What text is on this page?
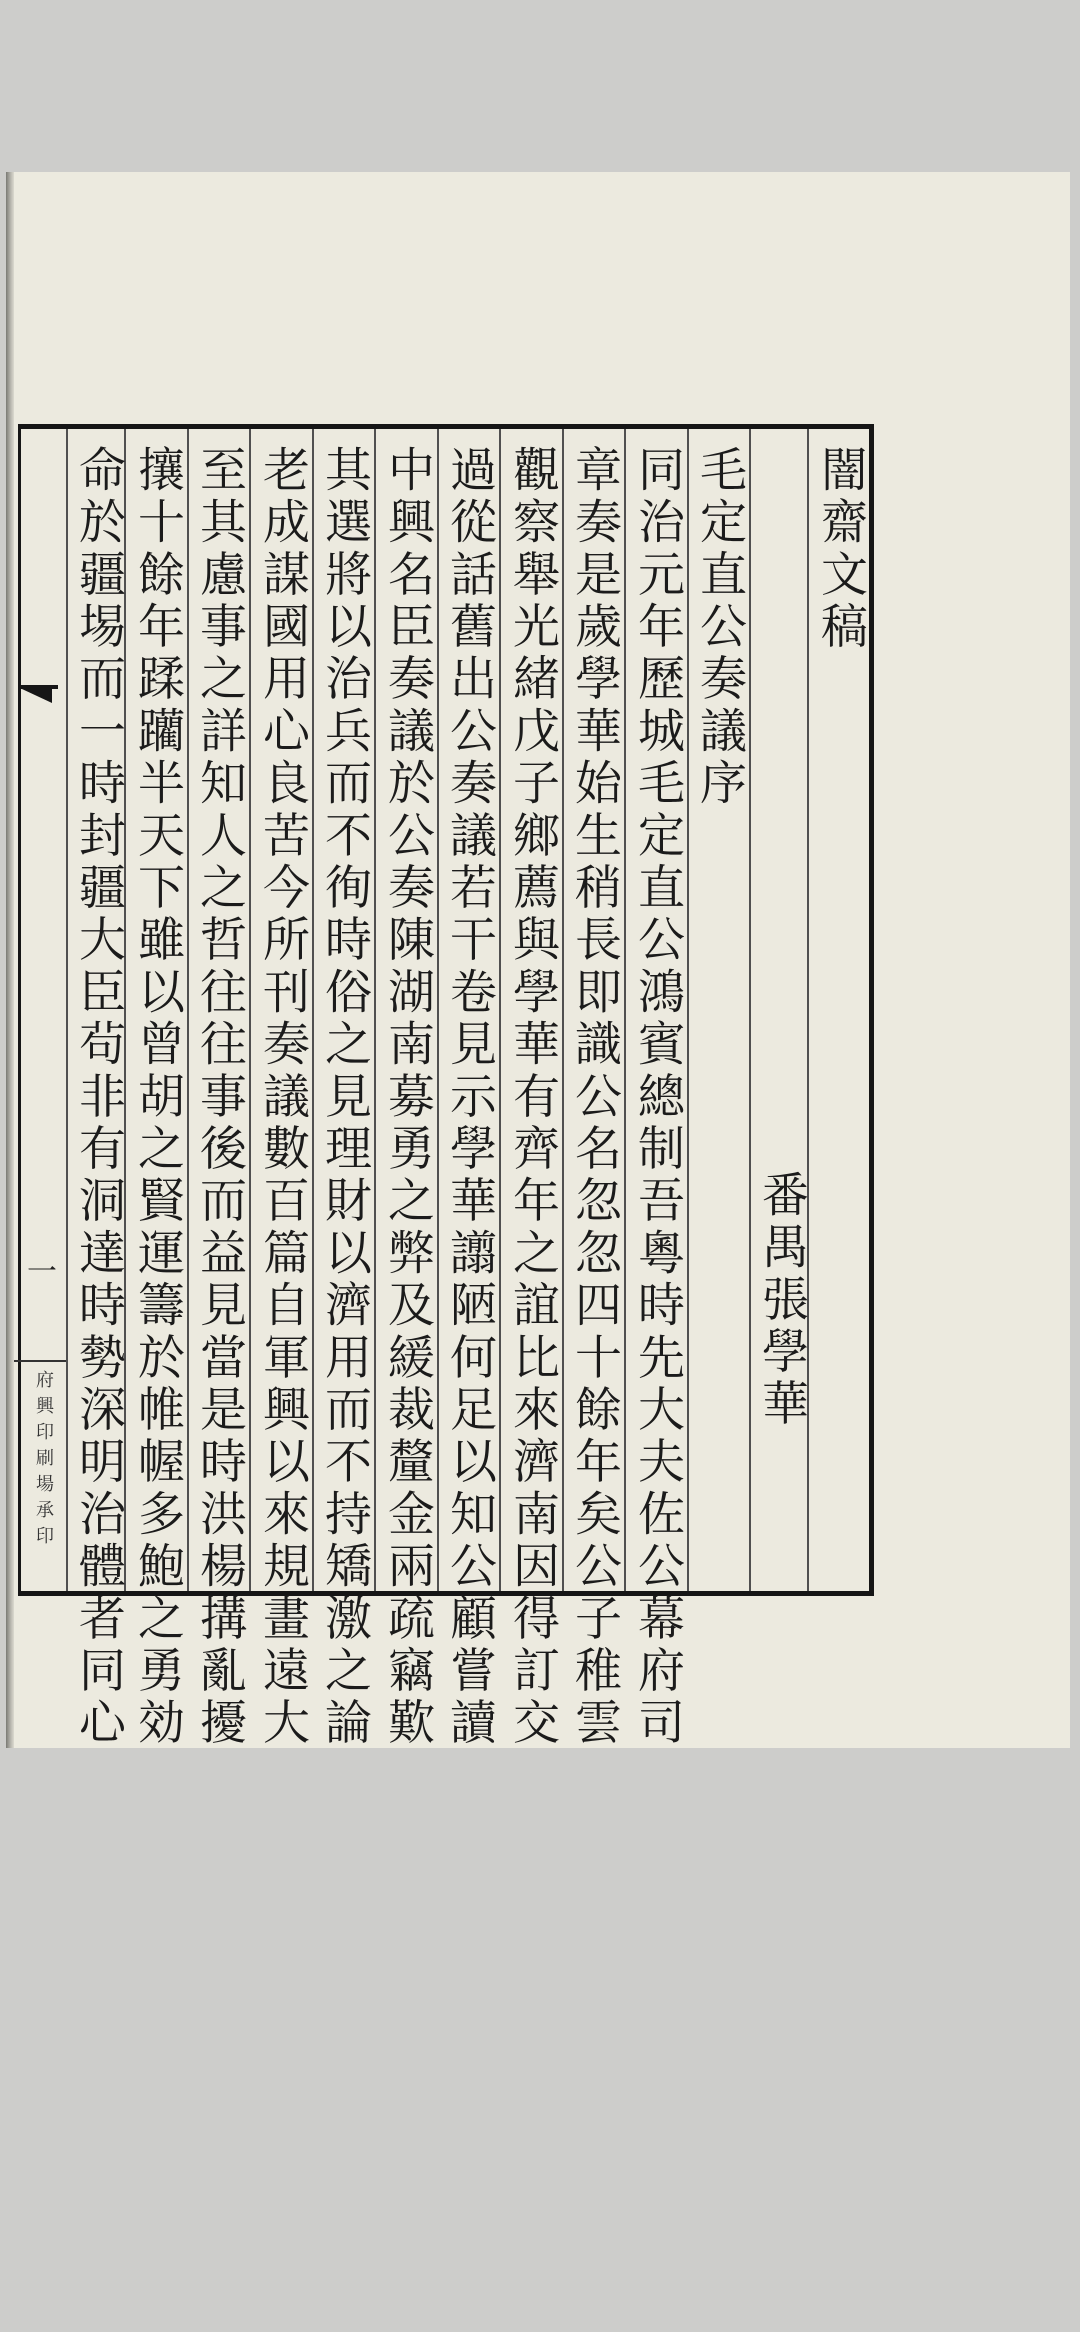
闇齋文稿
番禺張學華
毛定直公奏議序
同治元年歷城毛定直公鴻賓總制吾粵時先大夫佐公幕府司
章奏是歲學華始生稍長即識公名忽忽四十餘年矣公子稚雲
觀察舉光緒戊子鄉薦與學華有齊年之誼比來濟南因得訂交
過從話舊出公奏議若干卷見示學華譾陋何足以知公顧嘗讀
中興名臣奏議於公奏陳湖南募勇之弊及緩裁釐金兩疏竊歎
其選將以治兵而不徇時俗之見理財以濟用而不持矯激之論
老成謀國用心良苦今所刊奏議數百篇自軍興以來規畫遠大
至其慮事之詳知人之哲往往事後而益見當是時洪楊搆亂擾
攘十餘年蹂躪半天下雖以曾胡之賢運籌於帷幄多鮑之勇効
命於疆埸而一時封疆大臣茍非有洞達時勢深明治體者同心
一
府興印刷場承印
